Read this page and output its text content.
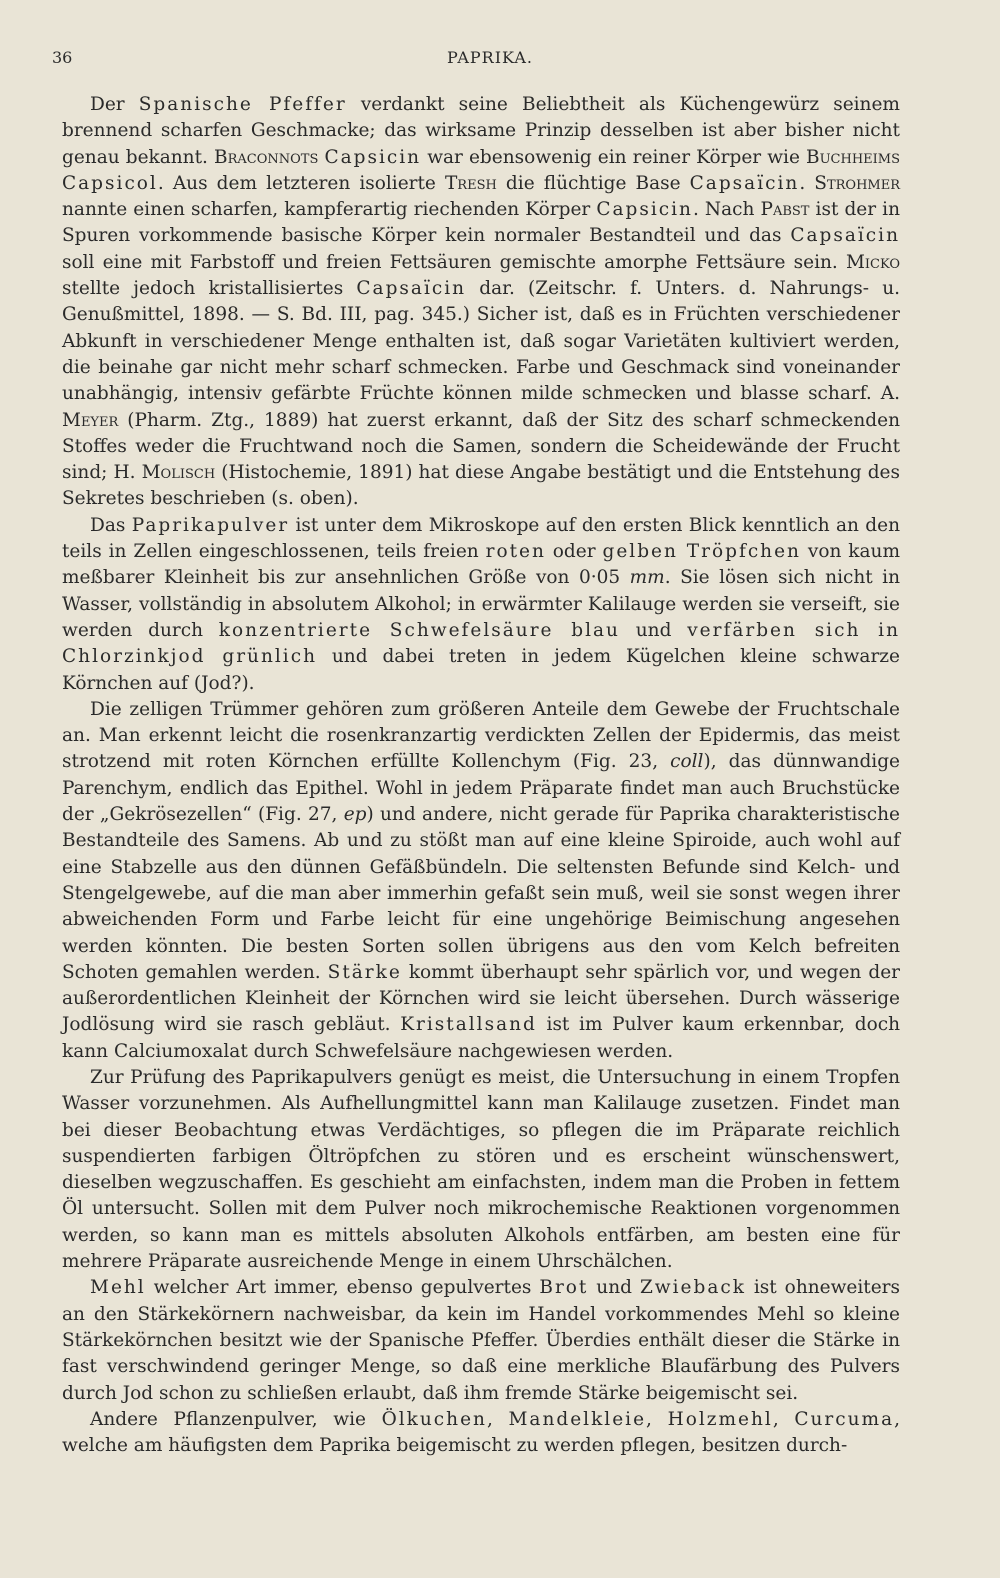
36	PAPRIKA.

Der Spanische Pfeffer verdankt seine Beliebtheit als Küchengewürz seinem brennend scharfen Geschmacke; das wirksame Prinzip desselben ist aber bisher nicht genau bekannt. Braconnots Capsicin war ebensowenig ein reiner Körper wie Buchheims Capsicol. Aus dem letzteren isolierte Tresh die flüchtige Base Capsaïcin. Strohmer nannte einen scharfen, kampferartig riechenden Körper Capsicin. Nach Pabst ist der in Spuren vorkommende basische Körper kein normaler Bestandteil und das Capsaïcin soll eine mit Farbstoff und freien Fettsäuren gemischte amorphe Fettsäure sein. Micko stellte jedoch kristallisiertes Capsaïcin dar. (Zeitschr. f. Unters. d. Nahrungs- u. Genußmittel, 1898. — S. Bd. III, pag. 345.) Sicher ist, daß es in Früchten verschiedener Abkunft in verschiedener Menge enthalten ist, daß sogar Varietäten kultiviert werden, die beinahe gar nicht mehr scharf schmecken. Farbe und Geschmack sind voneinander unabhängig, intensiv gefärbte Früchte können milde schmecken und blasse scharf. A. Meyer (Pharm. Ztg., 1889) hat zuerst erkannt, daß der Sitz des scharf schmeckenden Stoffes weder die Fruchtwand noch die Samen, sondern die Scheidewände der Frucht sind; H. Molisch (Histochemie, 1891) hat diese Angabe bestätigt und die Entstehung des Sekretes beschrieben (s. oben).

Das Paprikapulver ist unter dem Mikroskope auf den ersten Blick kenntlich an den teils in Zellen eingeschlossenen, teils freien roten oder gelben Tröpfchen von kaum meßbarer Kleinheit bis zur ansehnlichen Größe von 0·05 mm. Sie lösen sich nicht in Wasser, vollständig in absolutem Alkohol; in erwärmter Kalilauge werden sie verseift, sie werden durch konzentrierte Schwefelsäure blau und verfärben sich in Chlorzinkjod grünlich und dabei treten in jedem Kügelchen kleine schwarze Körnchen auf (Jod?).

Die zelligen Trümmer gehören zum größeren Anteile dem Gewebe der Fruchtschale an. Man erkennt leicht die rosenkranzartig verdickten Zellen der Epidermis, das meist strotzend mit roten Körnchen erfüllte Kollenchym (Fig. 23, coll), das dünnwandige Parenchym, endlich das Epithel. Wohl in jedem Präparate findet man auch Bruchstücke der „Gekrösezellen“ (Fig. 27, ep) und andere, nicht gerade für Paprika charakteristische Bestandteile des Samens. Ab und zu stößt man auf eine kleine Spiroide, auch wohl auf eine Stabzelle aus den dünnen Gefäßbündeln. Die seltensten Befunde sind Kelch- und Stengelgewebe, auf die man aber immerhin gefaßt sein muß, weil sie sonst wegen ihrer abweichenden Form und Farbe leicht für eine ungehörige Beimischung angesehen werden könnten. Die besten Sorten sollen übrigens aus den vom Kelch befreiten Schoten gemahlen werden. Stärke kommt überhaupt sehr spärlich vor, und wegen der außerordentlichen Kleinheit der Körnchen wird sie leicht übersehen. Durch wässerige Jodlösung wird sie rasch gebläut. Kristallsand ist im Pulver kaum erkennbar, doch kann Calciumoxalat durch Schwefelsäure nachgewiesen werden.

Zur Prüfung des Paprikapulvers genügt es meist, die Untersuchung in einem Tropfen Wasser vorzunehmen. Als Aufhellungmittel kann man Kalilauge zusetzen. Findet man bei dieser Beobachtung etwas Verdächtiges, so pflegen die im Präparate reichlich suspendierten farbigen Öltröpfchen zu stören und es erscheint wünschenswert, dieselben wegzuschaffen. Es geschieht am einfachsten, indem man die Proben in fettem Öl untersucht. Sollen mit dem Pulver noch mikrochemische Reaktionen vorgenommen werden, so kann man es mittels absoluten Alkohols entfärben, am besten eine für mehrere Präparate ausreichende Menge in einem Uhrschälchen.

Mehl welcher Art immer, ebenso gepulvertes Brot und Zwieback ist ohneweiters an den Stärkekörnern nachweisbar, da kein im Handel vorkommendes Mehl so kleine Stärkekörnchen besitzt wie der Spanische Pfeffer. Überdies enthält dieser die Stärke in fast verschwindend geringer Menge, so daß eine merkliche Blaufärbung des Pulvers durch Jod schon zu schließen erlaubt, daß ihm fremde Stärke beigemischt sei.

Andere Pflanzenpulver, wie Ölkuchen, Mandelkleie, Holzmehl, Curcuma, welche am häufigsten dem Paprika beigemischt zu werden pflegen, besitzen durch-
